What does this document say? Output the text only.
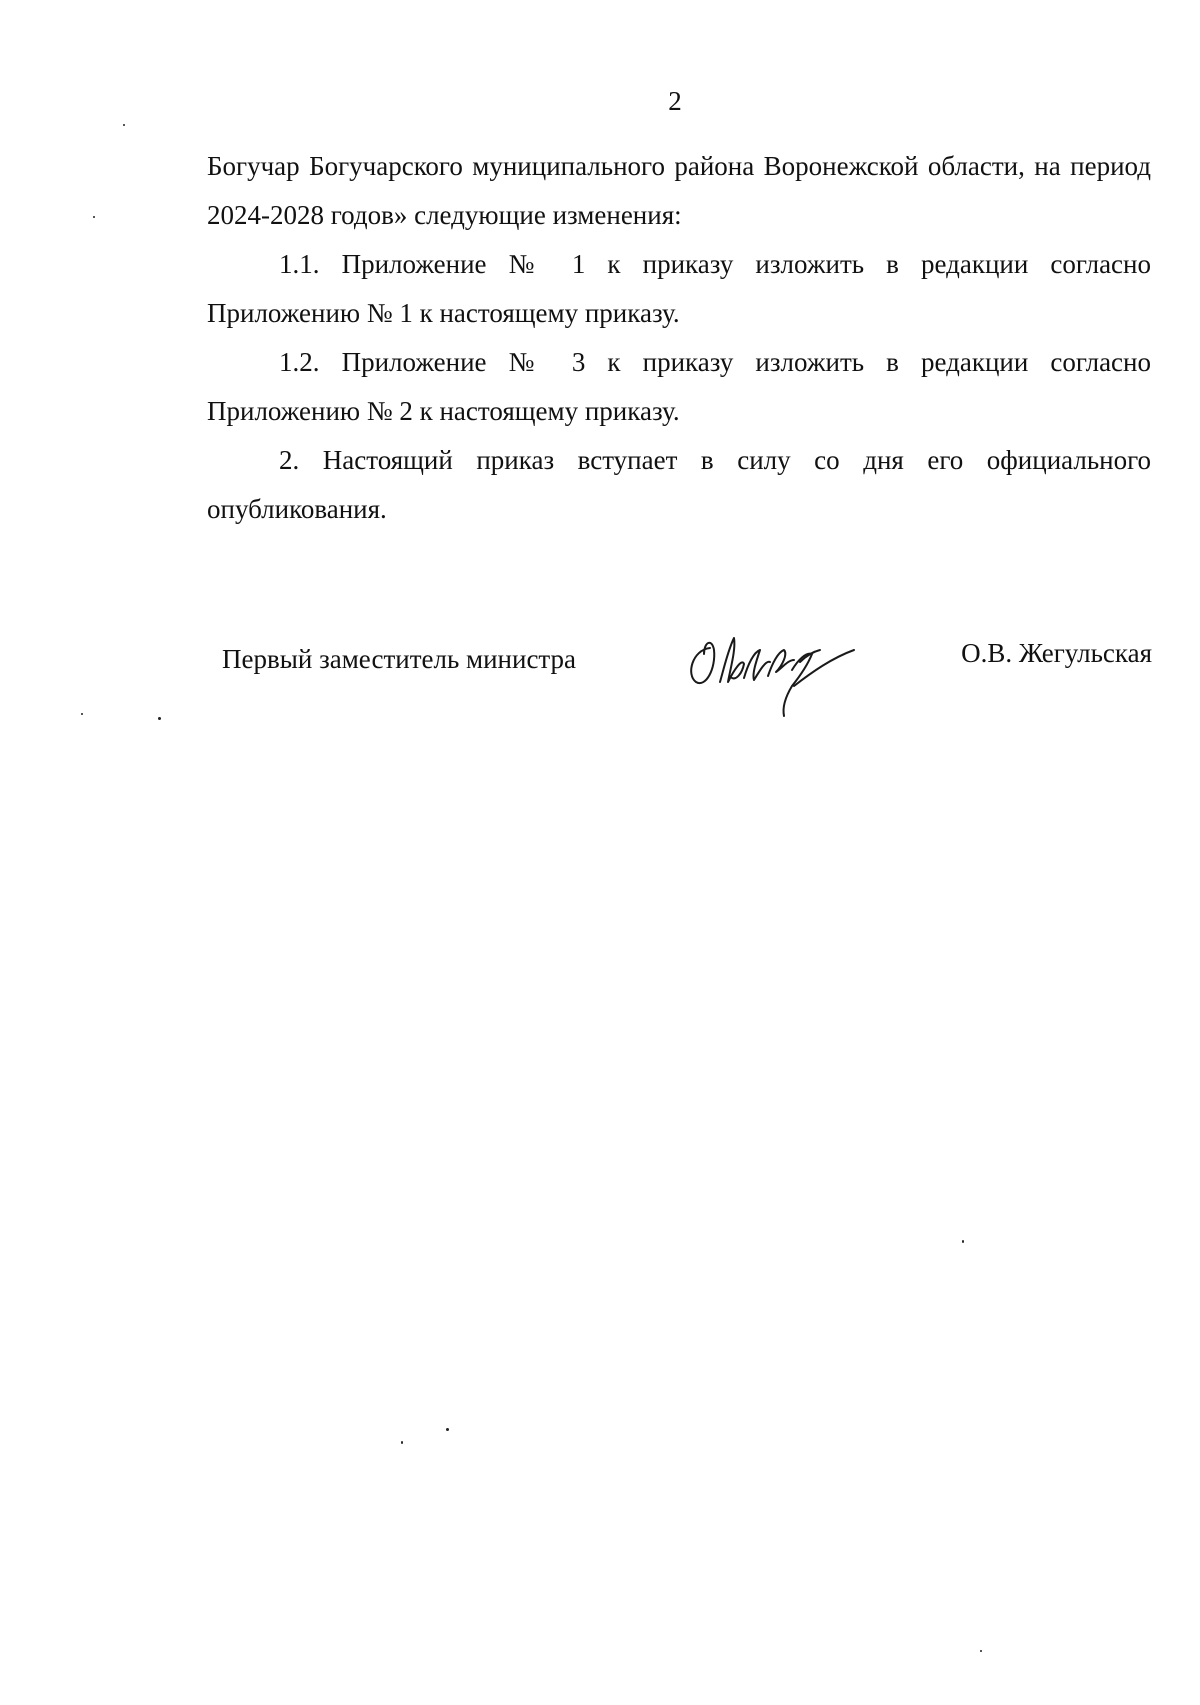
2

Богучар Богучарского муниципального района Воронежской области, на период 2024-2028 годов» следующие изменения:

1.1. Приложение № 1 к приказу изложить в редакции согласно Приложению № 1 к настоящему приказу.

1.2. Приложение № 3 к приказу изложить в редакции согласно Приложению № 2 к настоящему приказу.

2. Настоящий приказ вступает в силу со дня его официального опубликования.

Первый заместитель министра	О.В. Жегульская
